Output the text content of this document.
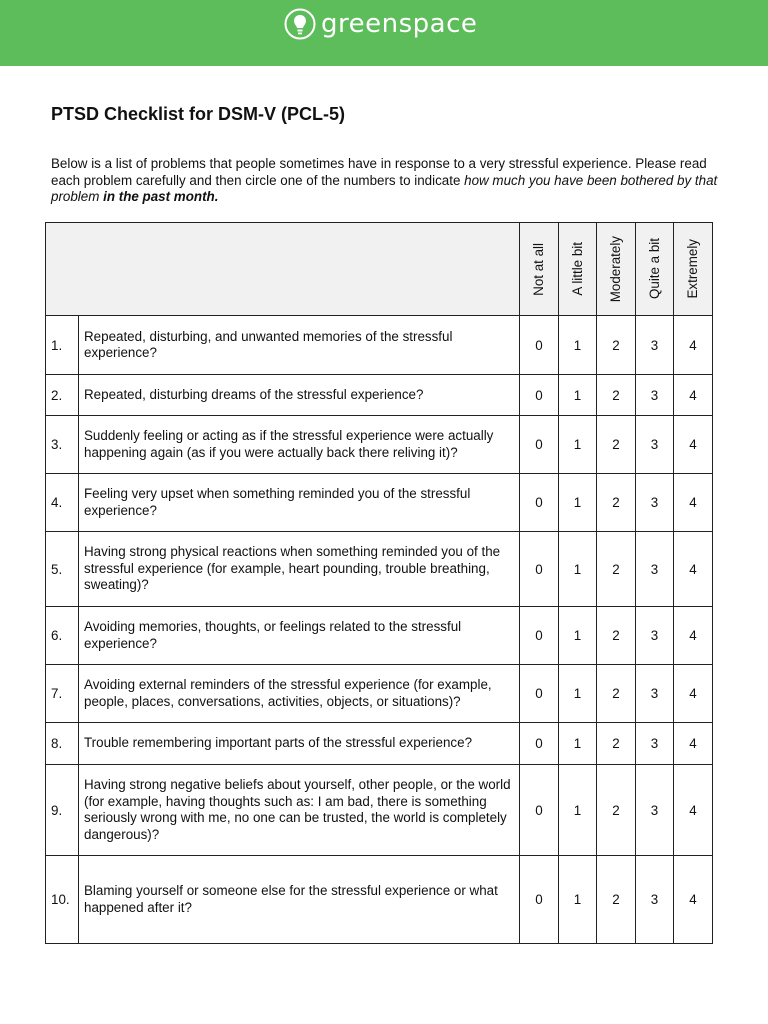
greenspace
PTSD Checklist for DSM-V (PCL-5)

Below is a list of problems that people sometimes have in response to a very stressful experience. Please read each problem carefully and then circle one of the numbers to indicate how much you have been bothered by that problem in the past month.

		Not at all	A little bit	Moderately	Quite a bit	Extremely

1.	Repeated, disturbing, and unwanted memories of the stressful experience?	0	1	2	3	4
2.	Repeated, disturbing dreams of the stressful experience?	0	1	2	3	4
3.	Suddenly feeling or acting as if the stressful experience were actually happening again (as if you were actually back there reliving it)?	0	1	2	3	4
4.	Feeling very upset when something reminded you of the stressful experience?	0	1	2	3	4
5.	Having strong physical reactions when something reminded you of the stressful experience (for example, heart pounding, trouble breathing, sweating)?	0	1	2	3	4
6.	Avoiding memories, thoughts, or feelings related to the stressful experience?	0	1	2	3	4
7.	Avoiding external reminders of the stressful experience (for example, people, places, conversations, activities, objects, or situations)?	0	1	2	3	4
8.	Trouble remembering important parts of the stressful experience?	0	1	2	3	4
9.	Having strong negative beliefs about yourself, other people, or the world (for example, having thoughts such as: I am bad, there is something seriously wrong with me, no one can be trusted, the world is completely dangerous)?	0	1	2	3	4
10.	Blaming yourself or someone else for the stressful experience or what happened after it?	0	1	2	3	4
